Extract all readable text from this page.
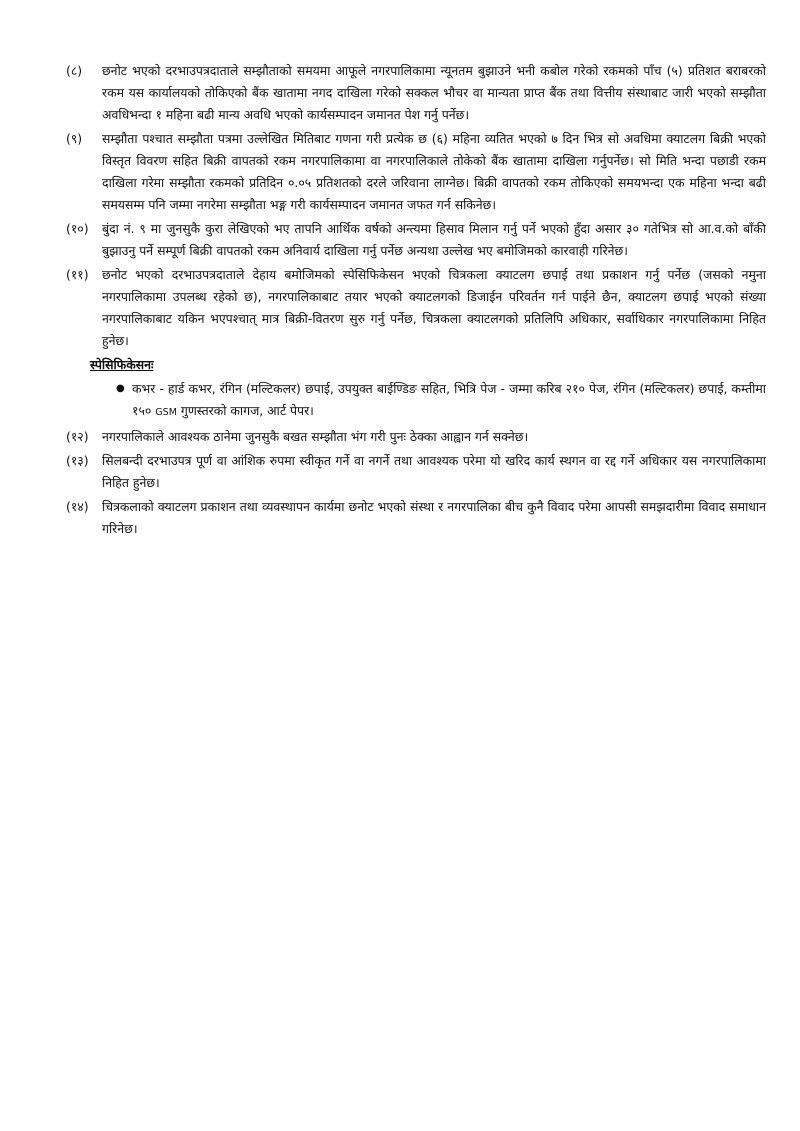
(८)	छनोट भएको दरभाउपत्रदाताले सम्झौताको समयमा आफूले नगरपालिकामा न्यूनतम बुझाउने भनी कबोल गरेको रकमको पाँच (५) प्रतिशत बराबरको रकम यस कार्यालयको तोकिएको बैंक खातामा नगद दाखिला गरेको सक्कल भौचर वा मान्यता प्राप्त बैंक तथा वित्तीय संस्थाबाट जारी भएको सम्झौता अवधिभन्दा १ महिना बढी मान्य अवधि भएको कार्यसम्पादन जमानत पेश गर्नु पर्नेछ।
(९)	सम्झौता पश्चात सम्झौता पत्रमा उल्लेखित मितिबाट गणना गरी प्रत्येक छ (६) महिना व्यतित भएको ७ दिन भित्र सो अवधिमा क्याटलग बिक्री भएको विस्तृत विवरण सहित बिक्री वापतको रकम नगरपालिकामा वा नगरपालिकाले तोकेको बैंक खातामा दाखिला गर्नुपर्नेछ। सो मिति भन्दा पछाडी रकम दाखिला गरेमा सम्झौता रकमको प्रतिदिन ०.०५ प्रतिशतको दरले जरिवाना लाग्नेछ। बिक्री वापतको रकम तोकिएको समयभन्दा एक महिना भन्दा बढी समयसम्म पनि जम्मा नगरेमा सम्झौता भङ्ग गरी कार्यसम्पादन जमानत जफत गर्न सकिनेछ।
(१०)	बुंदा नं. ९ मा जुनसुकै कुरा लेखिएको भए तापनि आर्थिक वर्षको अन्त्यमा हिसाव मिलान गर्नु पर्ने भएको हुँदा असार ३० गतेभित्र सो आ.व.को बाँकी बुझाउनु पर्ने सम्पूर्ण बिक्री वापतको रकम अनिवार्य दाखिला गर्नु पर्नेछ अन्यथा उल्लेख भए बमोजिमको कारवाही गरिनेछ।
(११)	छनोट भएको दरभाउपत्रदाताले देहाय बमोजिमको स्पेसिफिकेसन भएको चित्रकला क्याटलग छपाई तथा प्रकाशन गर्नु पर्नेछ (जसको नमुना नगरपालिकामा उपलब्ध रहेको छ), नगरपालिकाबाट तयार भएको क्याटलगको डिजाईन परिवर्तन गर्न पाईने छैन, क्याटलग छपाई भएको संख्या नगरपालिकाबाट यकिन भएपश्चात् मात्र बिक्री-वितरण सुरु गर्नु पर्नेछ, चित्रकला क्याटलगको प्रतिलिपि अधिकार, सर्वाधिकार नगरपालिकामा निहित हुनेछ।
स्पेसिफिकेसनः
● कभर - हार्ड कभर, रंगिन (मल्टिकलर) छपाई, उपयुक्त बाईण्डिङ सहित, भित्रि पेज - जम्मा करिब २१० पेज, रंगिन (मल्टिकलर) छपाई, कम्तीमा १५० GSM गुणस्तरको कागज, आर्ट पेपर।
(१२)	नगरपालिकाले आवश्यक ठानेमा जुनसुकै बखत सम्झौता भंग गरी पुनः ठेक्का आह्वान गर्न सक्नेछ।
(१३)	सिलबन्दी दरभाउपत्र पूर्ण वा आंशिक रुपमा स्वीकृत गर्ने वा नगर्ने तथा आवश्यक परेमा यो खरिद कार्य स्थगन वा रद्द गर्ने अधिकार यस नगरपालिकामा निहित हुनेछ।
(१४)	चित्रकलाको क्याटलग प्रकाशन तथा व्यवस्थापन कार्यमा छनोट भएको संस्था र नगरपालिका बीच कुनै विवाद परेमा आपसी समझदारीमा विवाद समाधान गरिनेछ।
